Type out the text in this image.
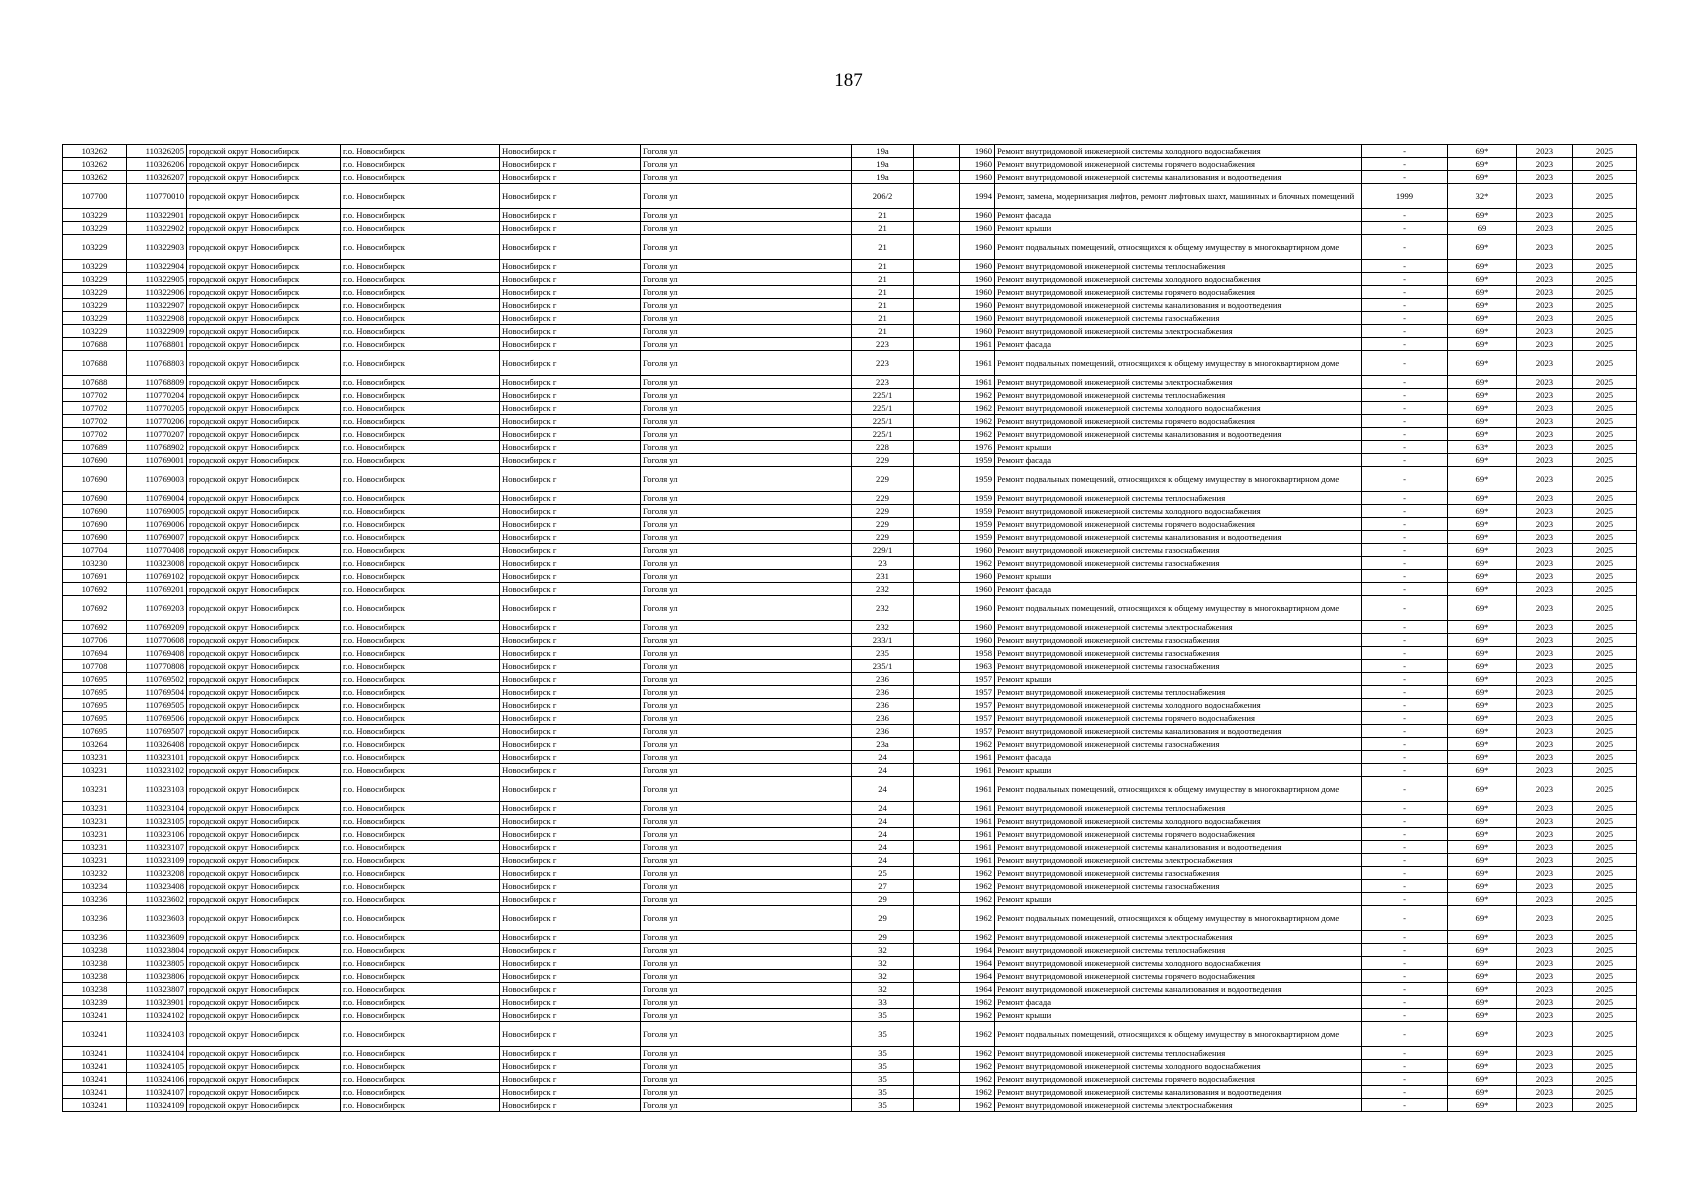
187
103262	110326205	городской округ Новосибирск	г.о. Новосибирск	Новосибирск г	Гоголя ул	19а		1960	Ремонт внутридомовой инженерной системы холодного водоснабжения	-	69*	2023	2025
103262	110326206	городской округ Новосибирск	г.о. Новосибирск	Новосибирск г	Гоголя ул	19а		1960	Ремонт внутридомовой инженерной системы горячего водоснабжения	-	69*	2023	2025
103262	110326207	городской округ Новосибирск	г.о. Новосибирск	Новосибирск г	Гоголя ул	19а		1960	Ремонт внутридомовой инженерной системы канализования и водоотведения	-	69*	2023	2025
107700	110770010	городской округ Новосибирск	г.о. Новосибирск	Новосибирск г	Гоголя ул	206/2		1994	Ремонт, замена, модернизация лифтов, ремонт лифтовых шахт, машинных и блочных помещений	1999	32*	2023	2025
103229	110322901	городской округ Новосибирск	г.о. Новосибирск	Новосибирск г	Гоголя ул	21		1960	Ремонт фасада	-	69*	2023	2025
103229	110322902	городской округ Новосибирск	г.о. Новосибирск	Новосибирск г	Гоголя ул	21		1960	Ремонт крыши	-	69	2023	2025
103229	110322903	городской округ Новосибирск	г.о. Новосибирск	Новосибирск г	Гоголя ул	21		1960	Ремонт подвальных помещений, относящихся к общему имуществу в многоквартирном доме	-	69*	2023	2025
103229	110322904	городской округ Новосибирск	г.о. Новосибирск	Новосибирск г	Гоголя ул	21		1960	Ремонт внутридомовой инженерной системы теплоснабжения	-	69*	2023	2025
103229	110322905	городской округ Новосибирск	г.о. Новосибирск	Новосибирск г	Гоголя ул	21		1960	Ремонт внутридомовой инженерной системы холодного водоснабжения	-	69*	2023	2025
103229	110322906	городской округ Новосибирск	г.о. Новосибирск	Новосибирск г	Гоголя ул	21		1960	Ремонт внутридомовой инженерной системы горячего водоснабжения	-	69*	2023	2025
103229	110322907	городской округ Новосибирск	г.о. Новосибирск	Новосибирск г	Гоголя ул	21		1960	Ремонт внутридомовой инженерной системы канализования и водоотведения	-	69*	2023	2025
103229	110322908	городской округ Новосибирск	г.о. Новосибирск	Новосибирск г	Гоголя ул	21		1960	Ремонт внутридомовой инженерной системы газоснабжения	-	69*	2023	2025
103229	110322909	городской округ Новосибирск	г.о. Новосибирск	Новосибирск г	Гоголя ул	21		1960	Ремонт внутридомовой инженерной системы электроснабжения	-	69*	2023	2025
107688	110768801	городской округ Новосибирск	г.о. Новосибирск	Новосибирск г	Гоголя ул	223		1961	Ремонт фасада	-	69*	2023	2025
107688	110768803	городской округ Новосибирск	г.о. Новосибирск	Новосибирск г	Гоголя ул	223		1961	Ремонт подвальных помещений, относящихся к общему имуществу в многоквартирном доме	-	69*	2023	2025
107688	110768809	городской округ Новосибирск	г.о. Новосибирск	Новосибирск г	Гоголя ул	223		1961	Ремонт внутридомовой инженерной системы электроснабжения	-	69*	2023	2025
107702	110770204	городской округ Новосибирск	г.о. Новосибирск	Новосибирск г	Гоголя ул	225/1		1962	Ремонт внутридомовой инженерной системы теплоснабжения	-	69*	2023	2025
107702	110770205	городской округ Новосибирск	г.о. Новосибирск	Новосибирск г	Гоголя ул	225/1		1962	Ремонт внутридомовой инженерной системы холодного водоснабжения	-	69*	2023	2025
107702	110770206	городской округ Новосибирск	г.о. Новосибирск	Новосибирск г	Гоголя ул	225/1		1962	Ремонт внутридомовой инженерной системы горячего водоснабжения	-	69*	2023	2025
107702	110770207	городской округ Новосибирск	г.о. Новосибирск	Новосибирск г	Гоголя ул	225/1		1962	Ремонт внутридомовой инженерной системы канализования и водоотведения	-	69*	2023	2025
107689	110768902	городской округ Новосибирск	г.о. Новосибирск	Новосибирск г	Гоголя ул	228		1976	Ремонт крыши	-	63*	2023	2025
107690	110769001	городской округ Новосибирск	г.о. Новосибирск	Новосибирск г	Гоголя ул	229		1959	Ремонт фасада	-	69*	2023	2025
107690	110769003	городской округ Новосибирск	г.о. Новосибирск	Новосибирск г	Гоголя ул	229		1959	Ремонт подвальных помещений, относящихся к общему имуществу в многоквартирном доме	-	69*	2023	2025
107690	110769004	городской округ Новосибирск	г.о. Новосибирск	Новосибирск г	Гоголя ул	229		1959	Ремонт внутридомовой инженерной системы теплоснабжения	-	69*	2023	2025
107690	110769005	городской округ Новосибирск	г.о. Новосибирск	Новосибирск г	Гоголя ул	229		1959	Ремонт внутридомовой инженерной системы холодного водоснабжения	-	69*	2023	2025
107690	110769006	городской округ Новосибирск	г.о. Новосибирск	Новосибирск г	Гоголя ул	229		1959	Ремонт внутридомовой инженерной системы горячего водоснабжения	-	69*	2023	2025
107690	110769007	городской округ Новосибирск	г.о. Новосибирск	Новосибирск г	Гоголя ул	229		1959	Ремонт внутридомовой инженерной системы канализования и водоотведения	-	69*	2023	2025
107704	110770408	городской округ Новосибирск	г.о. Новосибирск	Новосибирск г	Гоголя ул	229/1		1960	Ремонт внутридомовой инженерной системы газоснабжения	-	69*	2023	2025
103230	110323008	городской округ Новосибирск	г.о. Новосибирск	Новосибирск г	Гоголя ул	23		1962	Ремонт внутридомовой инженерной системы газоснабжения	-	69*	2023	2025
107691	110769102	городской округ Новосибирск	г.о. Новосибирск	Новосибирск г	Гоголя ул	231		1960	Ремонт крыши	-	69*	2023	2025
107692	110769201	городской округ Новосибирск	г.о. Новосибирск	Новосибирск г	Гоголя ул	232		1960	Ремонт фасада	-	69*	2023	2025
107692	110769203	городской округ Новосибирск	г.о. Новосибирск	Новосибирск г	Гоголя ул	232		1960	Ремонт подвальных помещений, относящихся к общему имуществу в многоквартирном доме	-	69*	2023	2025
107692	110769209	городской округ Новосибирск	г.о. Новосибирск	Новосибирск г	Гоголя ул	232		1960	Ремонт внутридомовой инженерной системы электроснабжения	-	69*	2023	2025
107706	110770608	городской округ Новосибирск	г.о. Новосибирск	Новосибирск г	Гоголя ул	233/1		1960	Ремонт внутридомовой инженерной системы газоснабжения	-	69*	2023	2025
107694	110769408	городской округ Новосибирск	г.о. Новосибирск	Новосибирск г	Гоголя ул	235		1958	Ремонт внутридомовой инженерной системы газоснабжения	-	69*	2023	2025
107708	110770808	городской округ Новосибирск	г.о. Новосибирск	Новосибирск г	Гоголя ул	235/1		1963	Ремонт внутридомовой инженерной системы газоснабжения	-	69*	2023	2025
107695	110769502	городской округ Новосибирск	г.о. Новосибирск	Новосибирск г	Гоголя ул	236		1957	Ремонт крыши	-	69*	2023	2025
107695	110769504	городской округ Новосибирск	г.о. Новосибирск	Новосибирск г	Гоголя ул	236		1957	Ремонт внутридомовой инженерной системы теплоснабжения	-	69*	2023	2025
107695	110769505	городской округ Новосибирск	г.о. Новосибирск	Новосибирск г	Гоголя ул	236		1957	Ремонт внутридомовой инженерной системы холодного водоснабжения	-	69*	2023	2025
107695	110769506	городской округ Новосибирск	г.о. Новосибирск	Новосибирск г	Гоголя ул	236		1957	Ремонт внутридомовой инженерной системы горячего водоснабжения	-	69*	2023	2025
107695	110769507	городской округ Новосибирск	г.о. Новосибирск	Новосибирск г	Гоголя ул	236		1957	Ремонт внутридомовой инженерной системы канализования и водоотведения	-	69*	2023	2025
103264	110326408	городской округ Новосибирск	г.о. Новосибирск	Новосибирск г	Гоголя ул	23а		1962	Ремонт внутридомовой инженерной системы газоснабжения	-	69*	2023	2025
103231	110323101	городской округ Новосибирск	г.о. Новосибирск	Новосибирск г	Гоголя ул	24		1961	Ремонт фасада	-	69*	2023	2025
103231	110323102	городской округ Новосибирск	г.о. Новосибирск	Новосибирск г	Гоголя ул	24		1961	Ремонт крыши	-	69*	2023	2025
103231	110323103	городской округ Новосибирск	г.о. Новосибирск	Новосибирск г	Гоголя ул	24		1961	Ремонт подвальных помещений, относящихся к общему имуществу в многоквартирном доме	-	69*	2023	2025
103231	110323104	городской округ Новосибирск	г.о. Новосибирск	Новосибирск г	Гоголя ул	24		1961	Ремонт внутридомовой инженерной системы теплоснабжения	-	69*	2023	2025
103231	110323105	городской округ Новосибирск	г.о. Новосибирск	Новосибирск г	Гоголя ул	24		1961	Ремонт внутридомовой инженерной системы холодного водоснабжения	-	69*	2023	2025
103231	110323106	городской округ Новосибирск	г.о. Новосибирск	Новосибирск г	Гоголя ул	24		1961	Ремонт внутридомовой инженерной системы горячего водоснабжения	-	69*	2023	2025
103231	110323107	городской округ Новосибирск	г.о. Новосибирск	Новосибирск г	Гоголя ул	24		1961	Ремонт внутридомовой инженерной системы канализования и водоотведения	-	69*	2023	2025
103231	110323109	городской округ Новосибирск	г.о. Новосибирск	Новосибирск г	Гоголя ул	24		1961	Ремонт внутридомовой инженерной системы электроснабжения	-	69*	2023	2025
103232	110323208	городской округ Новосибирск	г.о. Новосибирск	Новосибирск г	Гоголя ул	25		1962	Ремонт внутридомовой инженерной системы газоснабжения	-	69*	2023	2025
103234	110323408	городской округ Новосибирск	г.о. Новосибирск	Новосибирск г	Гоголя ул	27		1962	Ремонт внутридомовой инженерной системы газоснабжения	-	69*	2023	2025
103236	110323602	городской округ Новосибирск	г.о. Новосибирск	Новосибирск г	Гоголя ул	29		1962	Ремонт крыши	-	69*	2023	2025
103236	110323603	городской округ Новосибирск	г.о. Новосибирск	Новосибирск г	Гоголя ул	29		1962	Ремонт подвальных помещений, относящихся к общему имуществу в многоквартирном доме	-	69*	2023	2025
103236	110323609	городской округ Новосибирск	г.о. Новосибирск	Новосибирск г	Гоголя ул	29		1962	Ремонт внутридомовой инженерной системы электроснабжения	-	69*	2023	2025
103238	110323804	городской округ Новосибирск	г.о. Новосибирск	Новосибирск г	Гоголя ул	32		1964	Ремонт внутридомовой инженерной системы теплоснабжения	-	69*	2023	2025
103238	110323805	городской округ Новосибирск	г.о. Новосибирск	Новосибирск г	Гоголя ул	32		1964	Ремонт внутридомовой инженерной системы холодного водоснабжения	-	69*	2023	2025
103238	110323806	городской округ Новосибирск	г.о. Новосибирск	Новосибирск г	Гоголя ул	32		1964	Ремонт внутридомовой инженерной системы горячего водоснабжения	-	69*	2023	2025
103238	110323807	городской округ Новосибирск	г.о. Новосибирск	Новосибирск г	Гоголя ул	32		1964	Ремонт внутридомовой инженерной системы канализования и водоотведения	-	69*	2023	2025
103239	110323901	городской округ Новосибирск	г.о. Новосибирск	Новосибирск г	Гоголя ул	33		1962	Ремонт фасада	-	69*	2023	2025
103241	110324102	городской округ Новосибирск	г.о. Новосибирск	Новосибирск г	Гоголя ул	35		1962	Ремонт крыши	-	69*	2023	2025
103241	110324103	городской округ Новосибирск	г.о. Новосибирск	Новосибирск г	Гоголя ул	35		1962	Ремонт подвальных помещений, относящихся к общему имуществу в многоквартирном доме	-	69*	2023	2025
103241	110324104	городской округ Новосибирск	г.о. Новосибирск	Новосибирск г	Гоголя ул	35		1962	Ремонт внутридомовой инженерной системы теплоснабжения	-	69*	2023	2025
103241	110324105	городской округ Новосибирск	г.о. Новосибирск	Новосибирск г	Гоголя ул	35		1962	Ремонт внутридомовой инженерной системы холодного водоснабжения	-	69*	2023	2025
103241	110324106	городской округ Новосибирск	г.о. Новосибирск	Новосибирск г	Гоголя ул	35		1962	Ремонт внутридомовой инженерной системы горячего водоснабжения	-	69*	2023	2025
103241	110324107	городской округ Новосибирск	г.о. Новосибирск	Новосибирск г	Гоголя ул	35		1962	Ремонт внутридомовой инженерной системы канализования и водоотведения	-	69*	2023	2025
103241	110324109	городской округ Новосибирск	г.о. Новосибирск	Новосибирск г	Гоголя ул	35		1962	Ремонт внутридомовой инженерной системы электроснабжения	-	69*	2023	2025
